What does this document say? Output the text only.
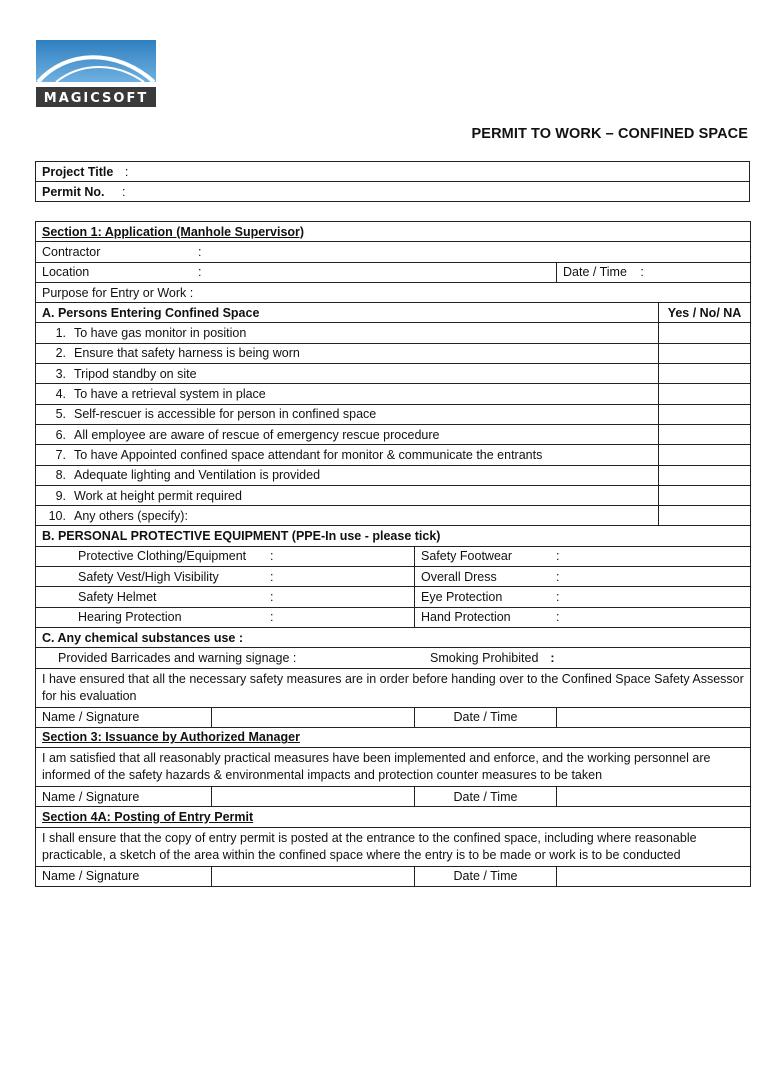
MAGICSOFT
PERMIT TO WORK – CONFINED SPACE
Project Title :
Permit No. :
Section 1: Application (Manhole Supervisor)				
Contractor :				
Location :			Date / Time :	
Purpose for Entry or Work :				
A. Persons Entering Confined Space				Yes / No/ NA
1. To have gas monitor in position				
2. Ensure that safety harness is being worn				
3. Tripod standby on site				
4. To have a retrieval system in place				
5. Self-rescuer is accessible for person in confined space				
6. All employee are aware of rescue of emergency rescue procedure				
7. To have Appointed confined space attendant for monitor & communicate the entrants				
8. Adequate lighting and Ventilation is provided				
9. Work at height permit required				
10. Any others (specify):				
B. PERSONAL PROTECTIVE EQUIPMENT (PPE-In use - please tick)				
Protective Clothing/Equipment :		Safety Footwear :		
Safety Vest/High Visibility :		Overall Dress :		
Safety Helmet :		Eye Protection :		
Hearing Protection :		Hand Protection :		
C. Any chemical substances use :				
Provided Barricades and warning signage : Smoking Prohibited :				
I have ensured that all the necessary safety measures are in order before handing over to the Confined Space Safety Assessor for his evaluation				
Name / Signature		Date / Time		
Section 3: Issuance by Authorized Manager				
I am satisfied that all reasonably practical measures have been implemented and enforce, and the working personnel are informed of the safety hazards & environmental impacts and protection counter measures to be taken				
Name / Signature		Date / Time		
Section 4A: Posting of Entry Permit				
I shall ensure that the copy of entry permit is posted at the entrance to the confined space, including where reasonable practicable, a sketch of the area within the confined space where the entry is to be made or work is to be conducted				
Name / Signature		Date / Time		
